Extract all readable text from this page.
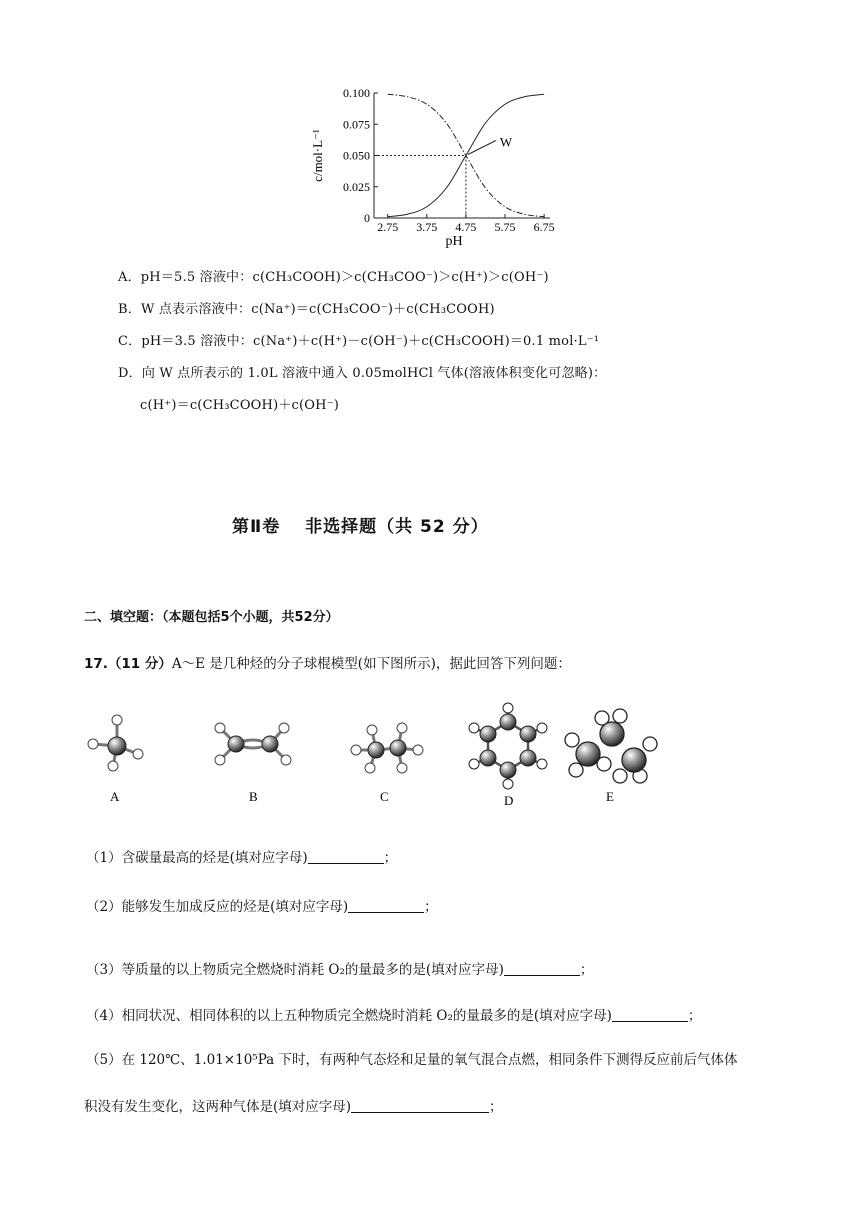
0
0.025
0.050
0.075
0.100
2.75 3.75 4.75 5.75 6.75
pH
c/mol·L⁻¹	W
A．pH＝5.5 溶液中：c(CH₃COOH)＞c(CH₃COO⁻)＞c(H⁺)＞c(OH⁻)
B．W 点表示溶液中：c(Na⁺)＝c(CH₃COO⁻)＋c(CH₃COOH)
C．pH＝3.5 溶液中：c(Na⁺)＋c(H⁺)－c(OH⁻)＋c(CH₃COOH)＝0.1 mol·L⁻¹
D．向 W 点所表示的 1.0L 溶液中通入 0.05molHCl 气体(溶液体积变化可忽略)：
c(H⁺)＝c(CH₃COOH)＋c(OH⁻)
第Ⅱ卷　 非选择题（共 52 分）
二、填空题：（本题包括5个小题，共52分）
17.（11 分）A～E 是几种烃的分子球棍模型(如下图所示)，据此回答下列问题：
A	B	C	D	E
（1）含碳量最高的烃是(填对应字母)	；
（2）能够发生加成反应的烃是(填对应字母)	；
（3）等质量的以上物质完全燃烧时消耗 O₂的量最多的是(填对应字母)	；
（4）相同状况、相同体积的以上五种物质完全燃烧时消耗 O₂的量最多的是(填对应字母)	；
（5）在 120℃、1.01×10⁵Pa 下时，有两种气态烃和足量的氧气混合点燃，相同条件下测得反应前后气体体
积没有发生变化，这两种气体是(填对应字母)	；
